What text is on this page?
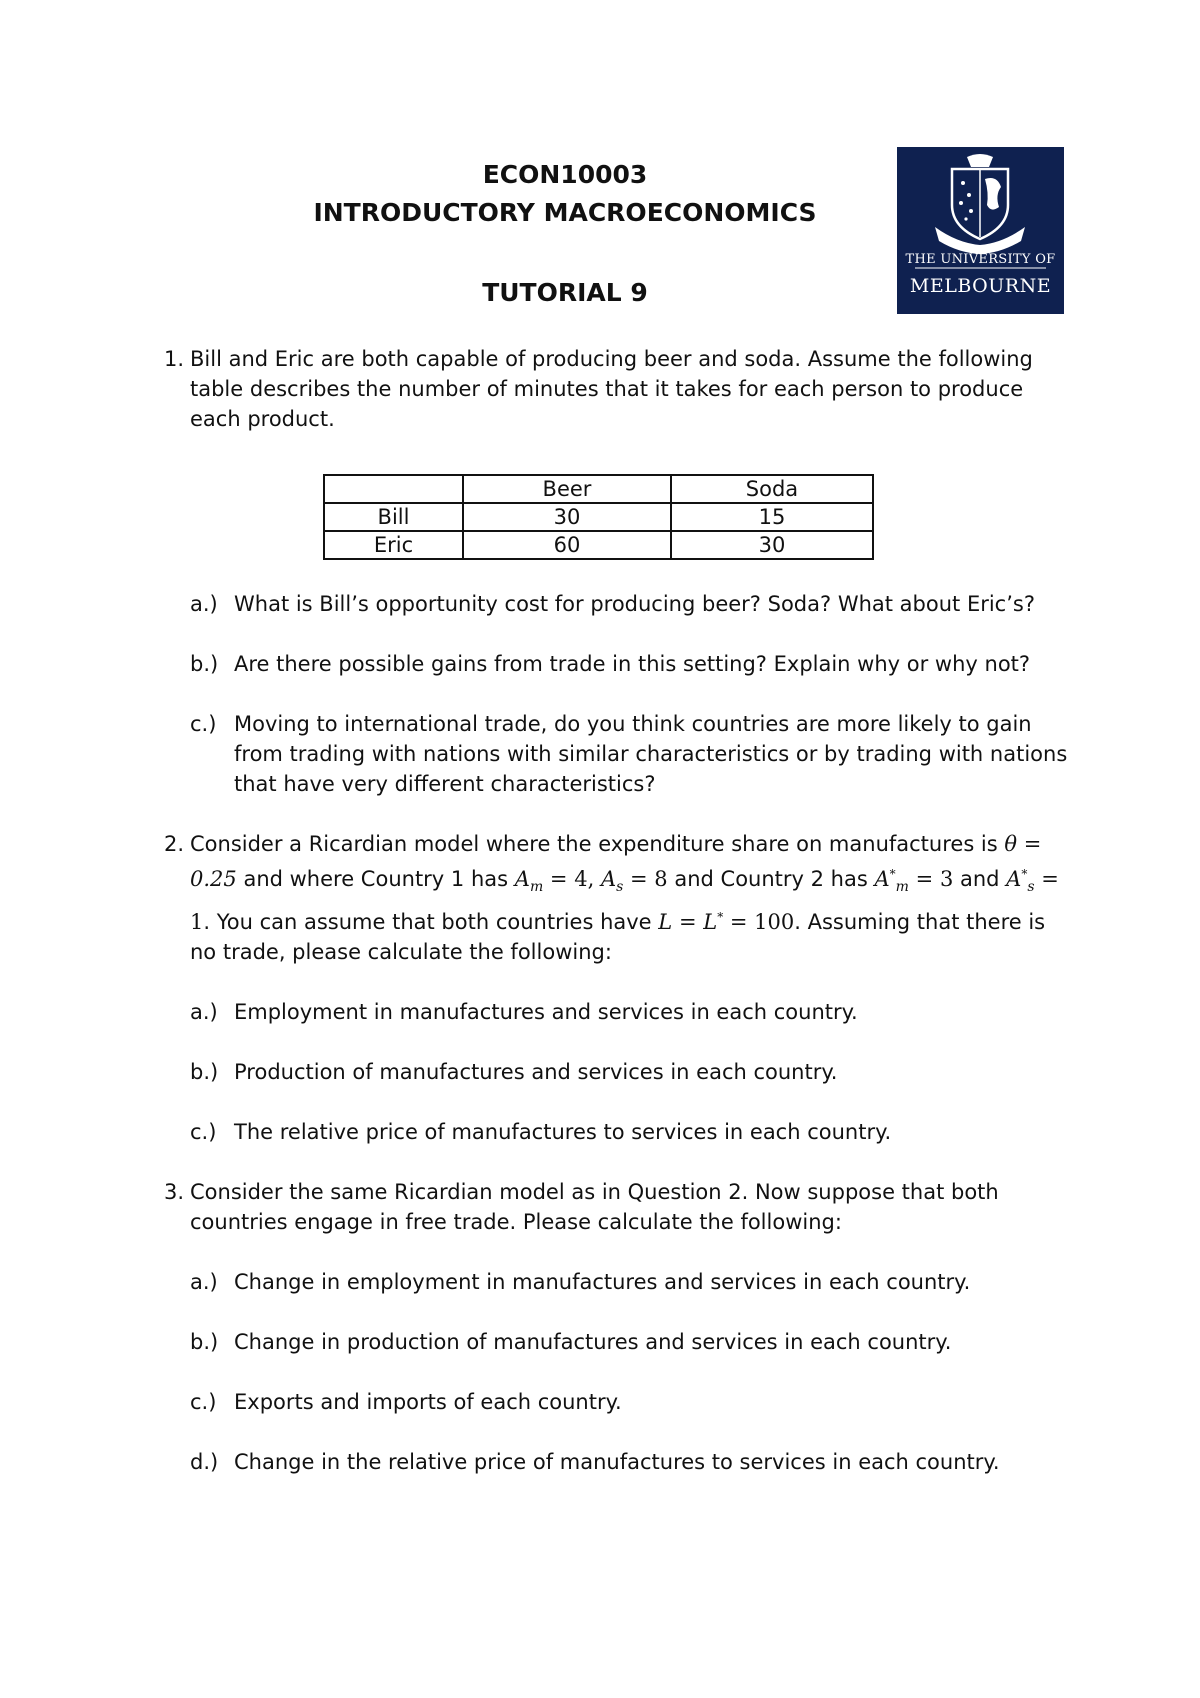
ECON10003
INTRODUCTORY MACROECONOMICS
TUTORIAL 9
THE UNIVERSITY OF
MELBOURNE
1. Bill and Eric are both capable of producing beer and soda. Assume the following table describes the number of minutes that it takes for each person to produce each product.

	Beer	Soda
Bill	30	15
Eric	60	30
a.) What is Bill’s opportunity cost for producing beer? Soda? What about Eric’s?
b.) Are there possible gains from trade in this setting? Explain why or why not?
c.) Moving to international trade, do you think countries are more likely to gain from trading with nations with similar characteristics or by trading with nations that have very different characteristics?
2. Consider a Ricardian model where the expenditure share on manufactures is θ = 0.25 and where Country 1 has $A_m = 4$, $A_s = 8$ and Country 2 has $A^*_m = 3$ and $A^*_s = 1$. You can assume that both countries have L = L* = 100. Assuming that there is no trade, please calculate the following:

a.) Employment in manufactures and services in each country.
b.) Production of manufactures and services in each country.
c.) The relative price of manufactures to services in each country.
3. Consider the same Ricardian model as in Question 2. Now suppose that both countries engage in free trade. Please calculate the following:

a.) Change in employment in manufactures and services in each country.
b.) Change in production of manufactures and services in each country.
c.) Exports and imports of each country.
d.) Change in the relative price of manufactures to services in each country.
